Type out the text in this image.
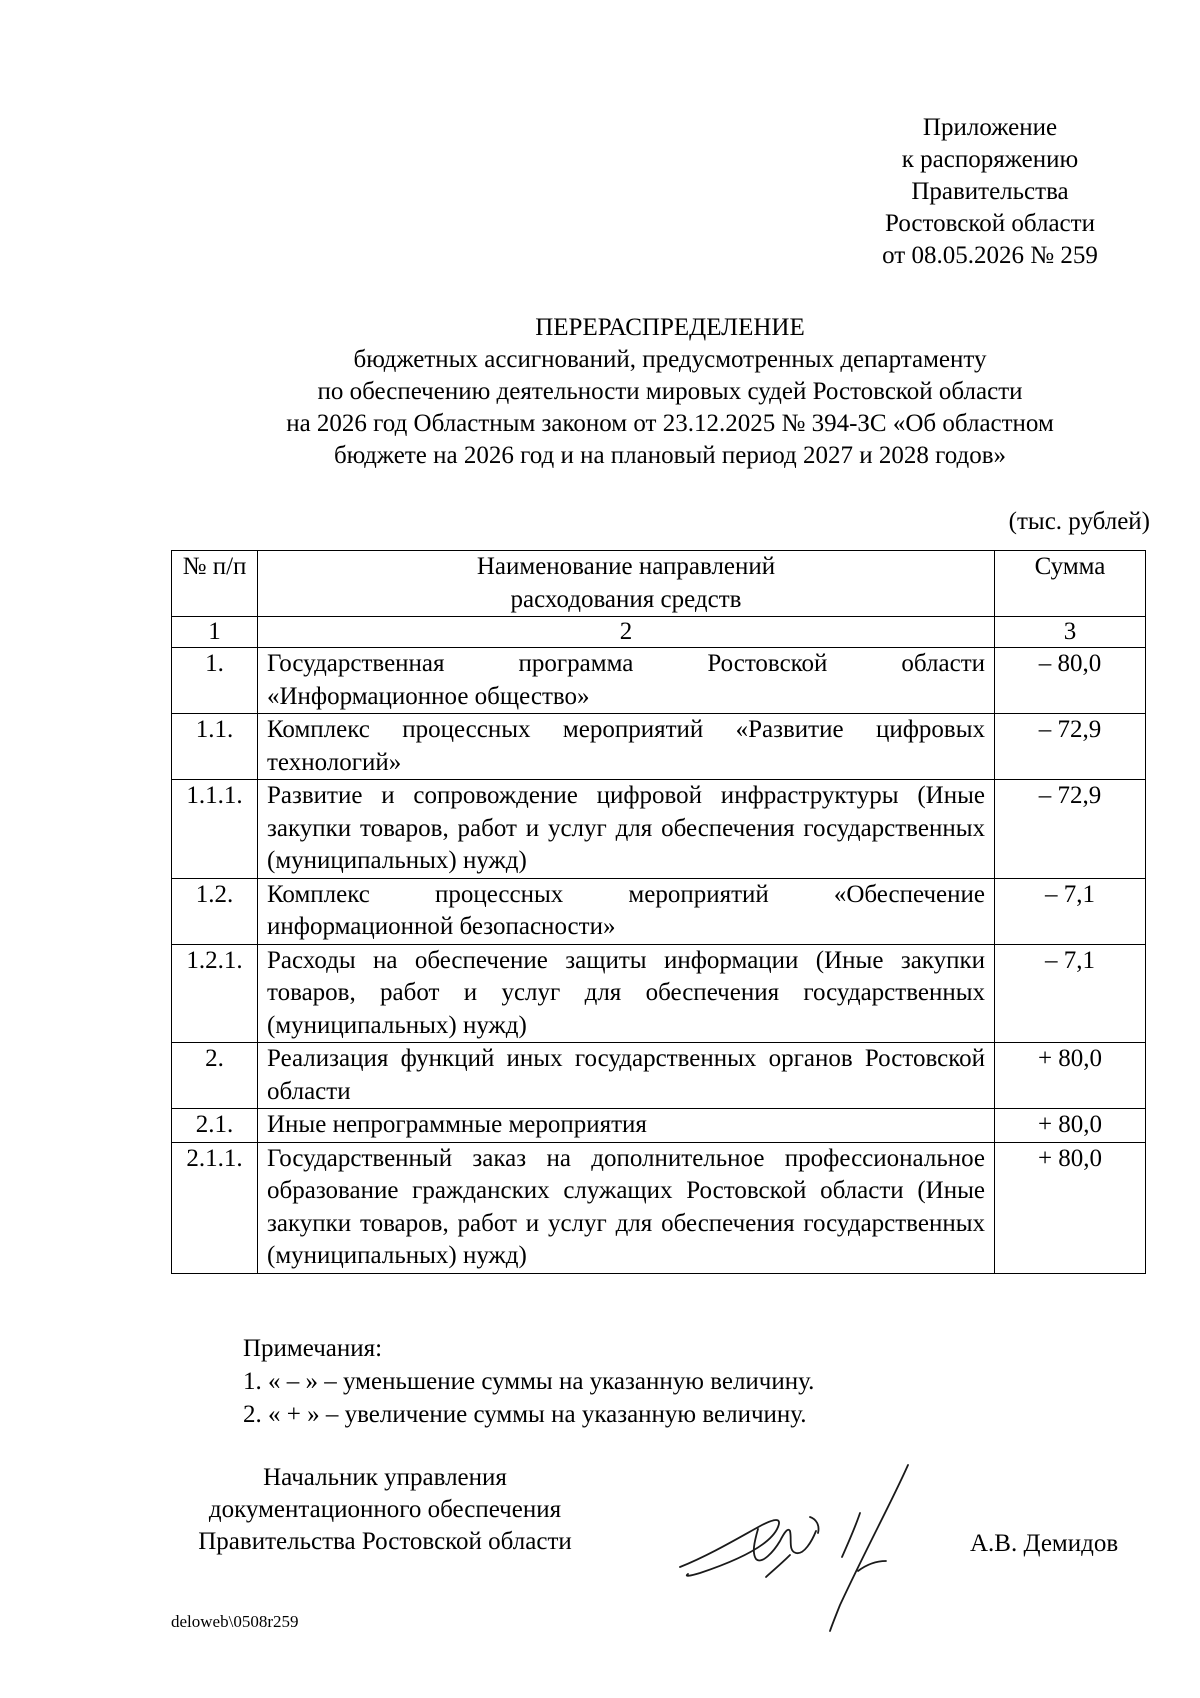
Приложение
к распоряжению
Правительства
Ростовской области
от 08.05.2026 № 259
ПЕРЕРАСПРЕДЕЛЕНИЕ
бюджетных ассигнований, предусмотренных департаменту
по обеспечению деятельности мировых судей Ростовской области
на 2026 год Областным законом от 23.12.2025 № 394-ЗС «Об областном
бюджете на 2026 год и на плановый период 2027 и 2028 годов»
(тыс. рублей)
№ п/п	Наименование направлений расходования средств	Сумма
1	2	3
1.	Государственная программа Ростовской области «Информационное общество»	– 80,0
1.1.	Комплекс процессных мероприятий «Развитие цифровых технологий»	– 72,9
1.1.1.	Развитие и сопровождение цифровой инфраструктуры (Иные закупки товаров, работ и услуг для обеспечения государственных (муниципальных) нужд)	– 72,9
1.2.	Комплекс процессных мероприятий «Обеспечение информационной безопасности»	– 7,1
1.2.1.	Расходы на обеспечение защиты информации (Иные закупки товаров, работ и услуг для обеспечения государственных (муниципальных) нужд)	– 7,1
2.	Реализация функций иных государственных органов Ростовской области	+ 80,0
2.1.	Иные непрограммные мероприятия	+ 80,0
2.1.1.	Государственный заказ на дополнительное профессиональное образование гражданских служащих Ростовской области (Иные закупки товаров, работ и услуг для обеспечения государственных (муниципальных) нужд)	+ 80,0
Примечания:
1. « – » – уменьшение суммы на указанную величину.
2. « + » – увеличение суммы на указанную величину.
Начальник управления
документационного обеспечения
Правительства Ростовской области	А.В. Демидов
deloweb\0508r259
